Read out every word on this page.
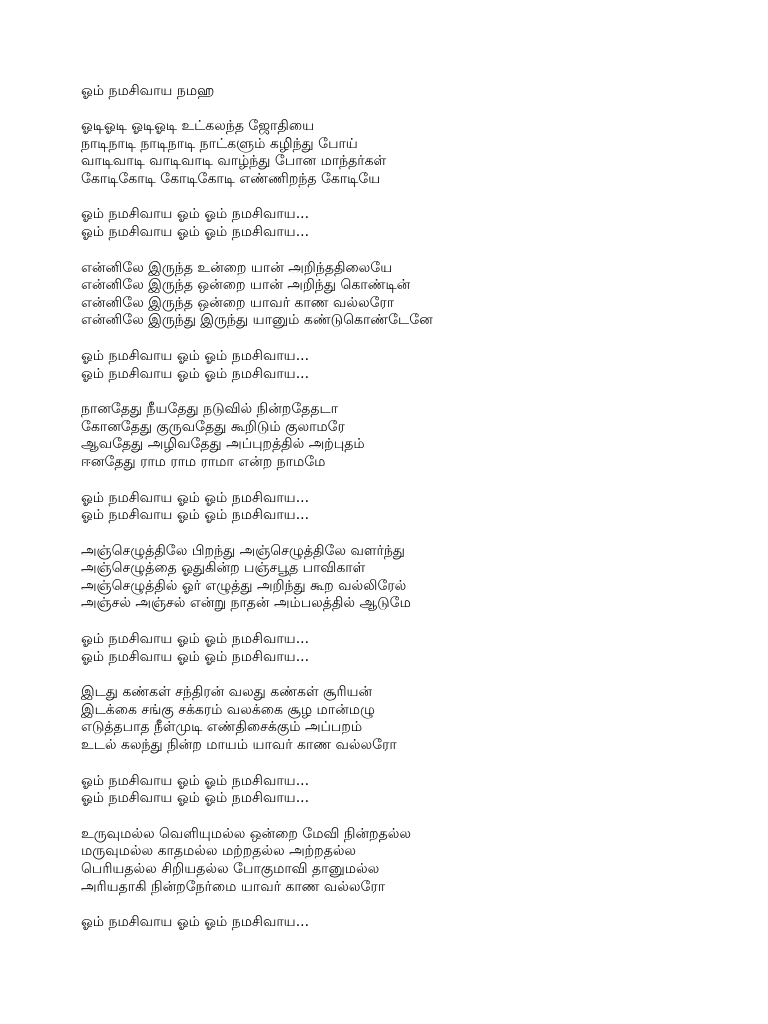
ஓம் நமசிவாய நமஹ
ஓடிஓடி ஓடிஓடி உட்கலந்த ஜோதியை
நாடிநாடி நாடிநாடி நாட்களும் கழிந்து போய்
வாடிவாடி வாடிவாடி வாழ்ந்து போன மாந்தர்கள்
கோடிகோடி கோடிகோடி எண்ணிறந்த கோடியே
ஓம் நமசிவாய ஓம் ஓம் நமசிவாய...
ஓம் நமசிவாய ஓம் ஓம் நமசிவாய...
என்னிலே இருந்த உன்றை யான் அறிந்ததிலையே
என்னிலே இருந்த ஒன்றை யான் அறிந்து கொண்டின்
என்னிலே இருந்த ஒன்றை யாவர் காண வல்லரோ
என்னிலே இருந்து இருந்து யானும் கண்டுகொண்டேனே
ஓம் நமசிவாய ஓம் ஓம் நமசிவாய...
ஓம் நமசிவாய ஓம் ஓம் நமசிவாய...
நானதேது நீயதேது நடுவில் நின்றதேதடா
கோனதேது குருவதேது கூறிடும் குலாமரே
ஆவதேது அழிவதேது அப்புறத்தில் அற்புதம்
ஈனதேது ராம ராம ராமா என்ற நாமமே
ஓம் நமசிவாய ஓம் ஓம் நமசிவாய...
ஓம் நமசிவாய ஓம் ஓம் நமசிவாய...
அஞ்செழுத்திலே பிறந்து அஞ்செழுத்திலே வளர்ந்து
அஞ்செழுத்தை ஓதுகின்ற பஞ்சபூத பாவிகாள்
அஞ்செழுத்தில் ஓர் எழுத்து அறிந்து கூற வல்லிரேல்
அஞ்சல் அஞ்சல் என்று நாதன் அம்பலத்தில் ஆடுமே
ஓம் நமசிவாய ஓம் ஓம் நமசிவாய...
ஓம் நமசிவாய ஓம் ஓம் நமசிவாய...
இடது கண்கள் சந்திரன் வலது கண்கள் சூரியன்
இடக்கை சங்கு சக்கரம் வலக்கை சூழ மான்மழு
எடுத்தபாத நீள்முடி எண்திசைக்கும் அப்பறம்
உடல் கலந்து நின்ற மாயம் யாவர் காண வல்லரோ
ஓம் நமசிவாய ஓம் ஓம் நமசிவாய...
ஓம் நமசிவாய ஓம் ஓம் நமசிவாய...
உருவுமல்ல வெளியுமல்ல ஒன்றை மேவி நின்றதல்ல
மருவுமல்ல காதமல்ல மற்றதல்ல அற்றதல்ல
பெரியதல்ல சிறியதல்ல போகுமாவி தானுமல்ல
அரியதாகி நின்றநேர்மை யாவர் காண வல்லரோ
ஓம் நமசிவாய ஓம் ஓம் நமசிவாய...
